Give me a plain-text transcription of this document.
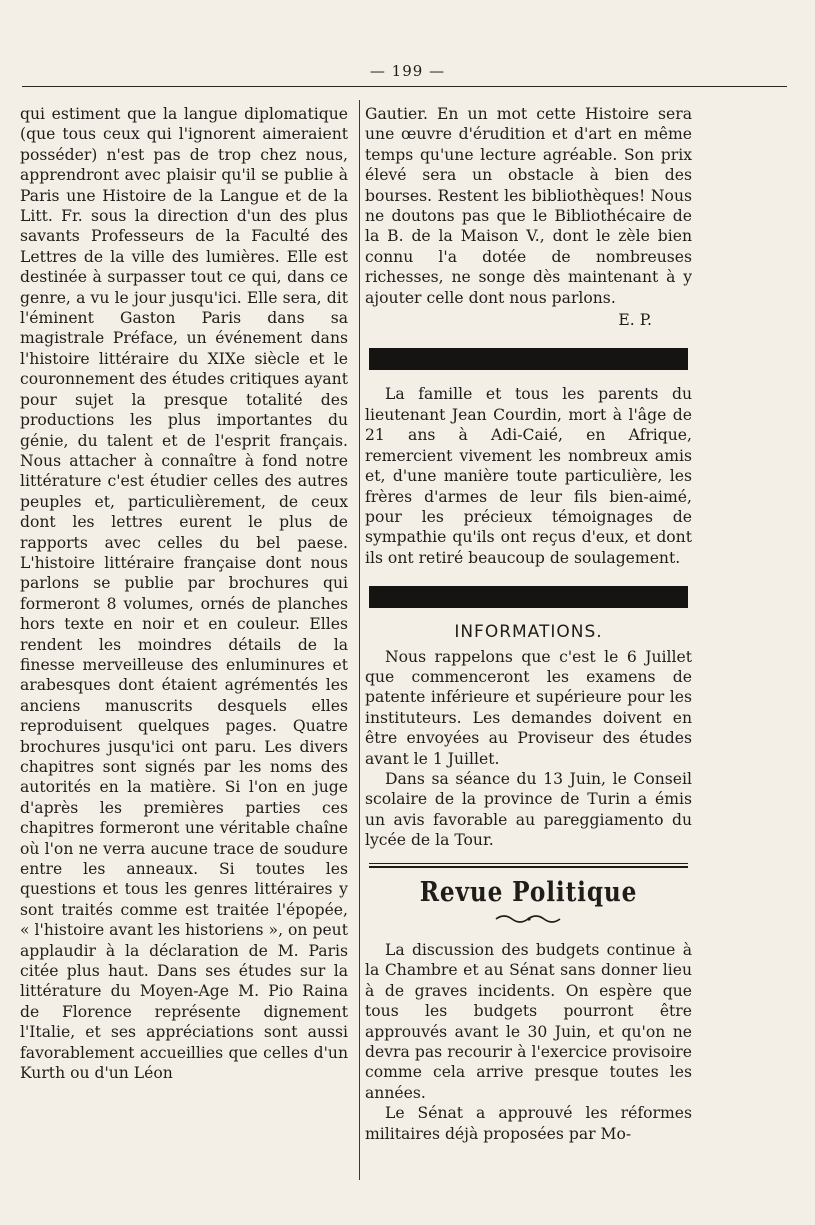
— 199 —

qui estiment que la langue diplomatique (que tous ceux qui l'ignorent aimeraient posséder) n'est pas de trop chez nous, apprendront avec plaisir qu'il se publie à Paris une Histoire de la Langue et de la Litt. Fr. sous la direction d'un des plus savants Professeurs de la Faculté des Lettres de la ville des lumières. Elle est destinée à surpasser tout ce qui, dans ce genre, a vu le jour jusqu'ici. Elle sera, dit l'éminent Gaston Paris dans sa magistrale Préface, un événement dans l'histoire littéraire du XIXe siècle et le couronnement des études critiques ayant pour sujet la presque totalité des productions les plus importantes du génie, du talent et de l'esprit français. Nous attacher à connaître à fond notre littérature c'est étudier celles des autres peuples et, particulièrement, de ceux dont les lettres eurent le plus de rapports avec celles du bel paese. L'histoire littéraire française dont nous parlons se publie par brochures qui formeront 8 volumes, ornés de planches hors texte en noir et en couleur. Elles rendent les moindres détails de la finesse merveilleuse des enluminures et arabesques dont étaient agrémentés les anciens manuscrits desquels elles reproduisent quelques pages. Quatre brochures jusqu'ici ont paru. Les divers chapitres sont signés par les noms des autorités en la matière. Si l'on en juge d'après les premières parties ces chapitres formeront une véritable chaîne où l'on ne verra aucune trace de soudure entre les anneaux. Si toutes les questions et tous les genres littéraires y sont traités comme est traitée l'épopée, « l'histoire avant les historiens », on peut applaudir à la déclaration de M. Paris citée plus haut. Dans ses études sur la littérature du Moyen-Age M. Pio Raina de Florence représente dignement l'Italie, et ses appréciations sont aussi favorablement accueillies que celles d'un Kurth ou d'un Léon

Gautier. En un mot cette Histoire sera une œuvre d'érudition et d'art en même temps qu'une lecture agréable. Son prix élevé sera un obstacle à bien des bourses. Restent les bibliothèques! Nous ne doutons pas que le Bibliothécaire de la B. de la Maison V., dont le zèle bien connu l'a dotée de nombreuses richesses, ne songe dès maintenant à y ajouter celle dont nous parlons.

E. P.

La famille et tous les parents du lieutenant Jean Courdin, mort à l'âge de 21 ans à Adi-Caié, en Afrique, remercient vivement les nombreux amis et, d'une manière toute particulière, les frères d'armes de leur fils bien-aimé, pour les précieux témoignages de sympathie qu'ils ont reçus d'eux, et dont ils ont retiré beaucoup de soulagement.

INFORMATIONS.

Nous rappelons que c'est le 6 Juillet que commenceront les examens de patente inférieure et supérieure pour les instituteurs. Les demandes doivent en être envoyées au Proviseur des études avant le 1 Juillet.

Dans sa séance du 13 Juin, le Conseil scolaire de la province de Turin a émis un avis favorable au pareggiamento du lycée de la Tour.

Revue Politique

La discussion des budgets continue à la Chambre et au Sénat sans donner lieu à de graves incidents. On espère que tous les budgets pourront être approuvés avant le 30 Juin, et qu'on ne devra pas recourir à l'exercice provisoire comme cela arrive presque toutes les années.

Le Sénat a approuvé les réformes militaires déjà proposées par Mo-
